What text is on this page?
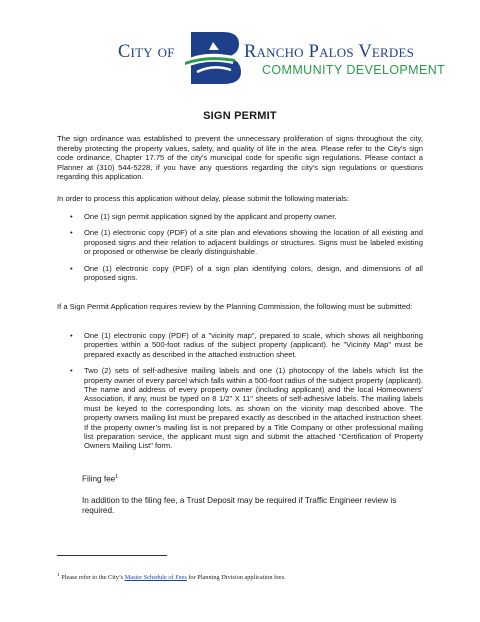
City of	Rancho Palos Verdes
COMMUNITY DEVELOPMENT
SIGN PERMIT
The sign ordinance was established to prevent the unnecessary proliferation of signs throughout the city, thereby protecting the property values, safety, and quality of life in the area. Please refer to the City’s sign code ordinance, Chapter 17.75 of the city's municipal code for specific sign regulations. Please contact a Planner at (310) 544-5228, if you have any questions regarding the city's sign regulations or questions regarding this application.
In order to process this application without delay, please submit the following materials:
• One (1) sign permit application signed by the applicant and property owner.
• One (1) electronic copy (PDF) of a site plan and elevations showing the location of all existing and proposed signs and their relation to adjacent buildings or structures. Signs must be labeled existing or proposed or otherwise be clearly distinguishable.
• One (1) electronic copy (PDF) of a sign plan identifying colors, design, and dimensions of all proposed signs.
If a Sign Permit Application requires review by the Planning Commission, the following must be submitted:
• One (1) electronic copy (PDF) of a "vicinity map", prepared to scale, which shows all neighboring properties within a 500-foot radius of the subject property (applicant). he "Vicinity Map" must be prepared exactly as described in the attached instruction sheet.
• Two (2) sets of self-adhesive mailing labels and one (1) photocopy of the labels which list the property owner of every parcel which falls within a 500-foot radius of the subject property (applicant). The name and address of every property owner (including applicant) and the local Homeowners’ Association, if any, must be typed on 8 1/2" X 11" sheets of self-adhesive labels. The mailing labels must be keyed to the corresponding lots, as shown on the vicinity map described above. The property owners mailing list must be prepared exactly as described in the attached instruction sheet. If the property owner’s mailing list is not prepared by a Title Company or other professional mailing list preparation service, the applicant must sign and submit the attached "Certification of Property Owners Mailing List" form.
Filing fee$^1$
In addition to the filing fee, a Trust Deposit may be required if Traffic Engineer review is required.
$^1$ Please refer to the City’s Master Schedule of Fees for Planning Division application fees.
